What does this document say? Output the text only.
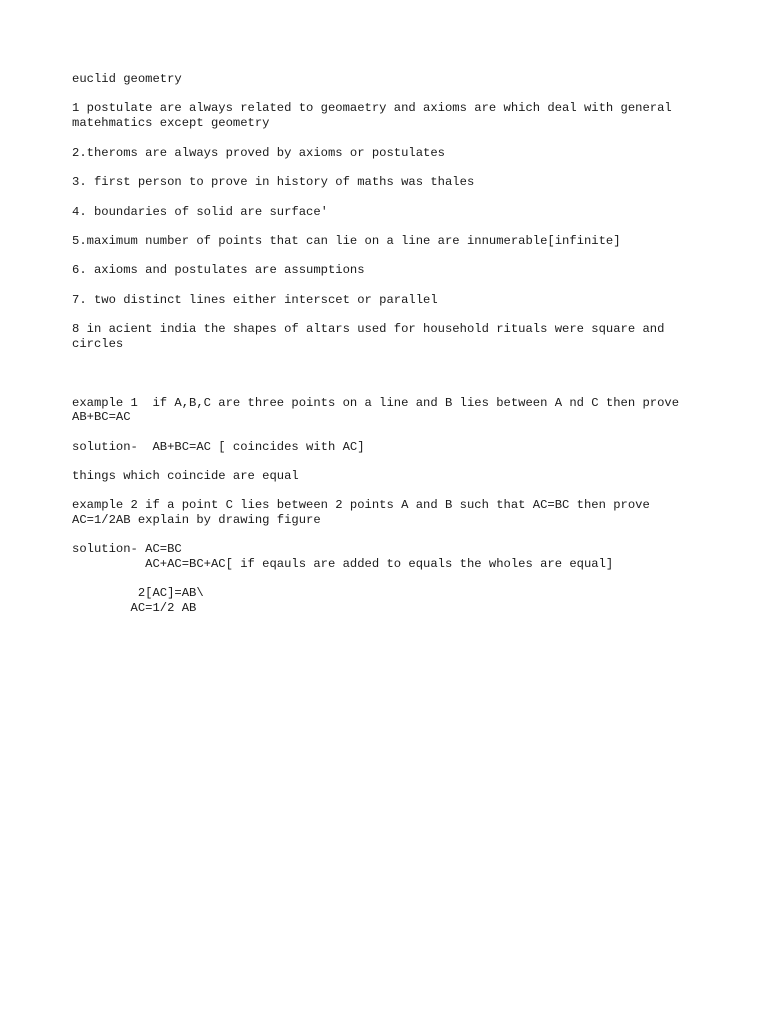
euclid geometry

1 postulate are always related to geomaetry and axioms are which deal with general

matehmatics except geometry

2.theroms are always proved by axioms or postulates

3. first person to prove in history of maths was thales

4. boundaries of solid are surface'

5.maximum number of points that can lie on a line are innumerable[infinite]

6. axioms and postulates are assumptions

7. two distinct lines either interscet or parallel

8 in acient india the shapes of altars used for household rituals were square and

circles

example 1  if A,B,C are three points on a line and B lies between A nd C then prove

AB+BC=AC

solution-  AB+BC=AC [ coincides with AC]

things which coincide are equal

example 2 if a point C lies between 2 points A and B such that AC=BC then prove

AC=1/2AB explain by drawing figure

solution- AC=BC

AC+AC=BC+AC[ if eqauls are added to equals the wholes are equal]

2[AC]=AB\

AC=1/2 AB
